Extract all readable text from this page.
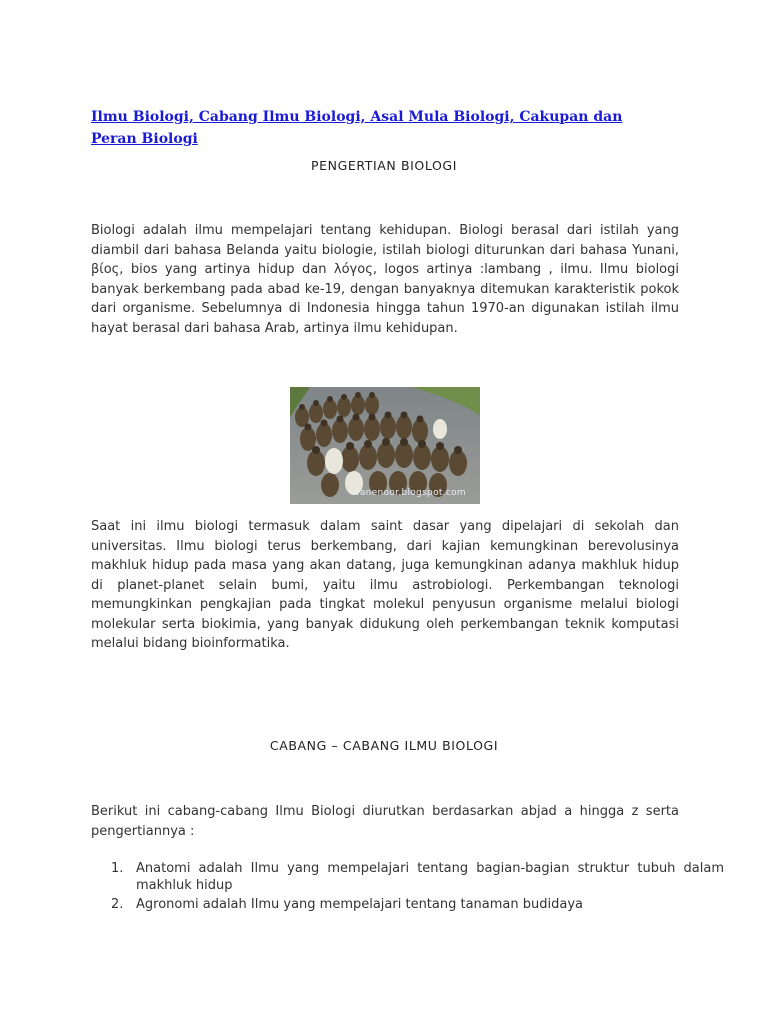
Ilmu Biologi, Cabang Ilmu Biologi, Asal Mula Biologi, Cakupan dan Peran Biologi
PENGERTIAN BIOLOGI
Biologi adalah ilmu mempelajari tentang kehidupan. Biologi berasal dari istilah yang diambil dari bahasa Belanda yaitu biologie, istilah biologi diturunkan dari bahasa Yunani, βίος, bios yang artinya hidup dan λόγος, logos artinya :lambang , ilmu. Ilmu biologi banyak berkembang pada abad ke-19, dengan banyaknya ditemukan karakteristik pokok dari organisme. Sebelumnya di Indonesia hingga tahun 1970-an digunakan istilah ilmu hayat berasal dari bahasa Arab, artinya ilmu kehidupan.
wanenoor.blogspot.com
Saat ini ilmu biologi termasuk dalam saint dasar yang dipelajari di sekolah dan universitas. Ilmu biologi terus berkembang, dari kajian kemungkinan berevolusinya makhluk hidup pada masa yang akan datang, juga kemungkinan adanya makhluk hidup di planet-planet selain bumi, yaitu ilmu astrobiologi. Perkembangan teknologi memungkinkan pengkajian pada tingkat molekul penyusun organisme melalui biologi molekular serta biokimia, yang banyak didukung oleh perkembangan teknik komputasi melalui bidang bioinformatika.
CABANG – CABANG ILMU BIOLOGI
Berikut ini cabang-cabang Ilmu Biologi diurutkan berdasarkan abjad a hingga z serta pengertiannya :
1. Anatomi adalah Ilmu yang mempelajari tentang bagian-bagian struktur tubuh dalam makhluk hidup
2. Agronomi adalah Ilmu yang mempelajari tentang tanaman budidaya
